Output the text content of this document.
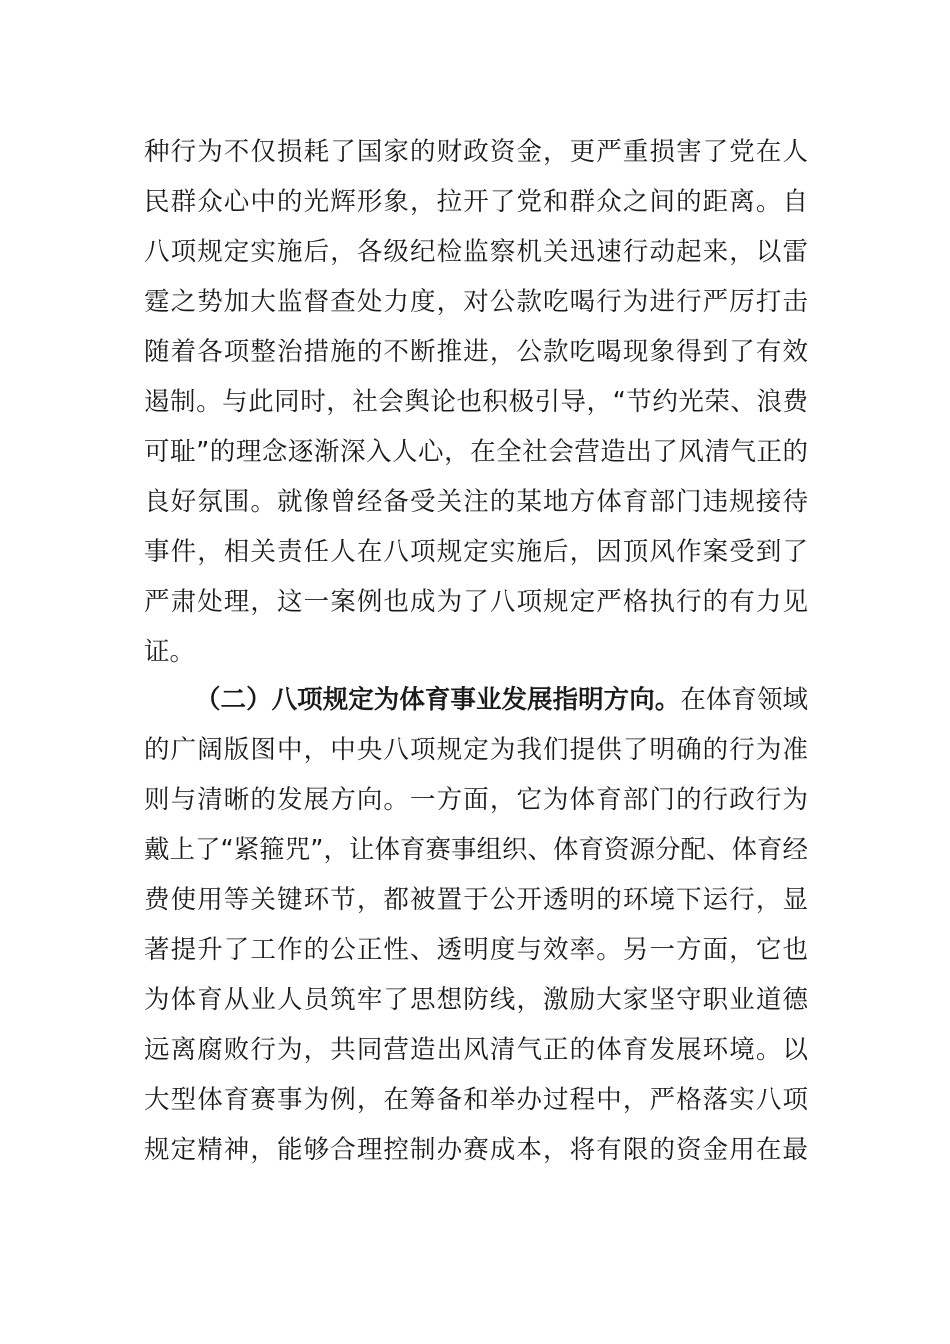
种行为不仅损耗了国家的财政资金，更严重损害了党在人
民群众心中的光辉形象，拉开了党和群众之间的距离。自
八项规定实施后，各级纪检监察机关迅速行动起来，以雷
霆之势加大监督查处力度，对公款吃喝行为进行严厉打击
随着各项整治措施的不断推进，公款吃喝现象得到了有效
遏制。与此同时，社会舆论也积极引导，“节约光荣、浪费
可耻”的理念逐渐深入人心，在全社会营造出了风清气正的
良好氛围。就像曾经备受关注的某地方体育部门违规接待
事件，相关责任人在八项规定实施后，因顶风作案受到了
严肃处理，这一案例也成为了八项规定严格执行的有力见
证。
（二）八项规定为体育事业发展指明方向。在体育领域
的广阔版图中，中央八项规定为我们提供了明确的行为准
则与清晰的发展方向。一方面，它为体育部门的行政行为
戴上了“紧箍咒”，让体育赛事组织、体育资源分配、体育经
费使用等关键环节，都被置于公开透明的环境下运行，显
著提升了工作的公正性、透明度与效率。另一方面，它也
为体育从业人员筑牢了思想防线，激励大家坚守职业道德
远离腐败行为，共同营造出风清气正的体育发展环境。以
大型体育赛事为例，在筹备和举办过程中，严格落实八项
规定精神，能够合理控制办赛成本，将有限的资金用在最
